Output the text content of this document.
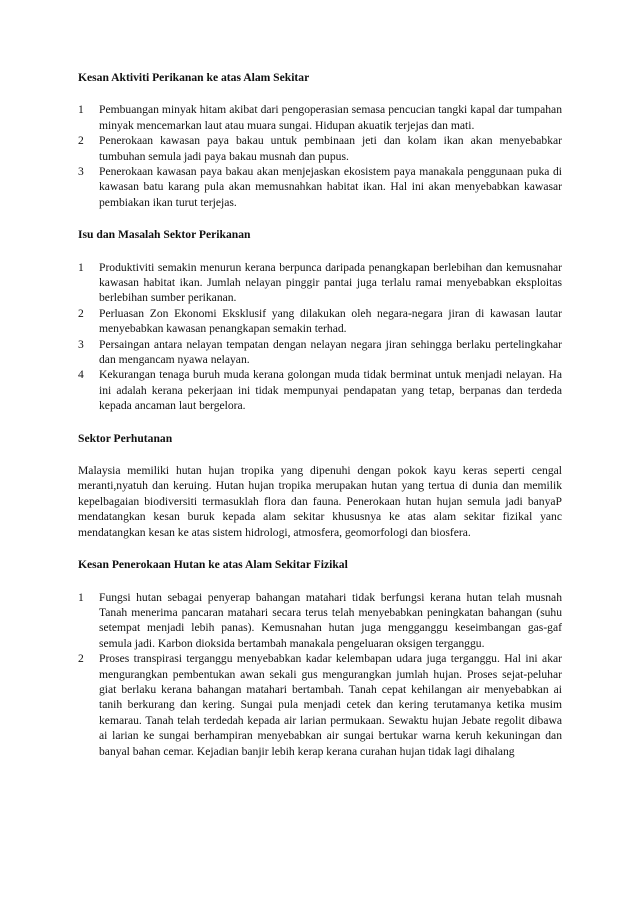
Kesan Aktiviti Perikanan ke atas Alam Sekitar
1 Pembuangan minyak hitam akibat dari pengoperasian semasa pencucian tangki kapal dar tumpahan minyak mencemarkan laut atau muara sungai. Hidupan akuatik terjejas dan mati.
2 Penerokaan kawasan paya bakau untuk pembinaan jeti dan kolam ikan akan menyebabkar tumbuhan semula jadi paya bakau musnah dan pupus.
3 Penerokaan kawasan paya bakau akan menjejaskan ekosistem paya manakala penggunaan puka di kawasan batu karang pula akan memusnahkan habitat ikan. Hal ini akan menyebabkan kawasar pembiakan ikan turut terjejas.
Isu dan Masalah Sektor Perikanan
1 Produktiviti semakin menurun kerana berpunca daripada penangkapan berlebihan dan kemusnahar kawasan habitat ikan. Jumlah nelayan pinggir pantai juga terlalu ramai menyebabkan eksploitas berlebihan sumber perikanan.
2 Perluasan Zon Ekonomi Eksklusif yang dilakukan oleh negara-negara jiran di kawasan lautar menyebabkan kawasan penangkapan semakin terhad.
3 Persaingan antara nelayan tempatan dengan nelayan negara jiran sehingga berlaku pertelingkahar dan mengancam nyawa nelayan.
4 Kekurangan tenaga buruh muda kerana golongan muda tidak berminat untuk menjadi nelayan. Ha ini adalah kerana pekerjaan ini tidak mempunyai pendapatan yang tetap, berpanas dan terdeda kepada ancaman laut bergelora.
Sektor Perhutanan
Malaysia memiliki hutan hujan tropika yang dipenuhi dengan pokok kayu keras seperti cengal meranti,nyatuh dan keruing. Hutan hujan tropika merupakan hutan yang tertua di dunia dan memilik kepelbagaian biodiversiti termasuklah flora dan fauna. Penerokaan hutan hujan semula jadi banyaP mendatangkan kesan buruk kepada alam sekitar khususnya ke atas alam sekitar fizikal yanc mendatangkan kesan ke atas sistem hidrologi, atmosfera, geomorfologi dan biosfera.
Kesan Penerokaan Hutan ke atas Alam Sekitar Fizikal
1 Fungsi hutan sebagai penyerap bahangan matahari tidak berfungsi kerana hutan telah musnah Tanah menerima pancaran matahari secara terus telah menyebabkan peningkatan bahangan (suhu setempat menjadi lebih panas). Kemusnahan hutan juga mengganggu keseimbangan gas-gaf semula jadi. Karbon dioksida bertambah manakala pengeluaran oksigen terganggu.
2 Proses transpirasi terganggu menyebabkan kadar kelembapan udara juga terganggu. Hal ini akar mengurangkan pembentukan awan sekali gus mengurangkan jumlah hujan. Proses sejat-peluhar giat berlaku kerana bahangan matahari bertambah. Tanah cepat kehilangan air menyebabkan ai tanih berkurang dan kering. Sungai pula menjadi cetek dan kering terutamanya ketika musim kemarau. Tanah telah terdedah kepada air larian permukaan. Sewaktu hujan Jebate regolit dibawa ai larian ke sungai berhampiran menyebabkan air sungai bertukar warna keruh kekuningan dan banyal bahan cemar. Kejadian banjir lebih kerap kerana curahan hujan tidak lagi dihalang
